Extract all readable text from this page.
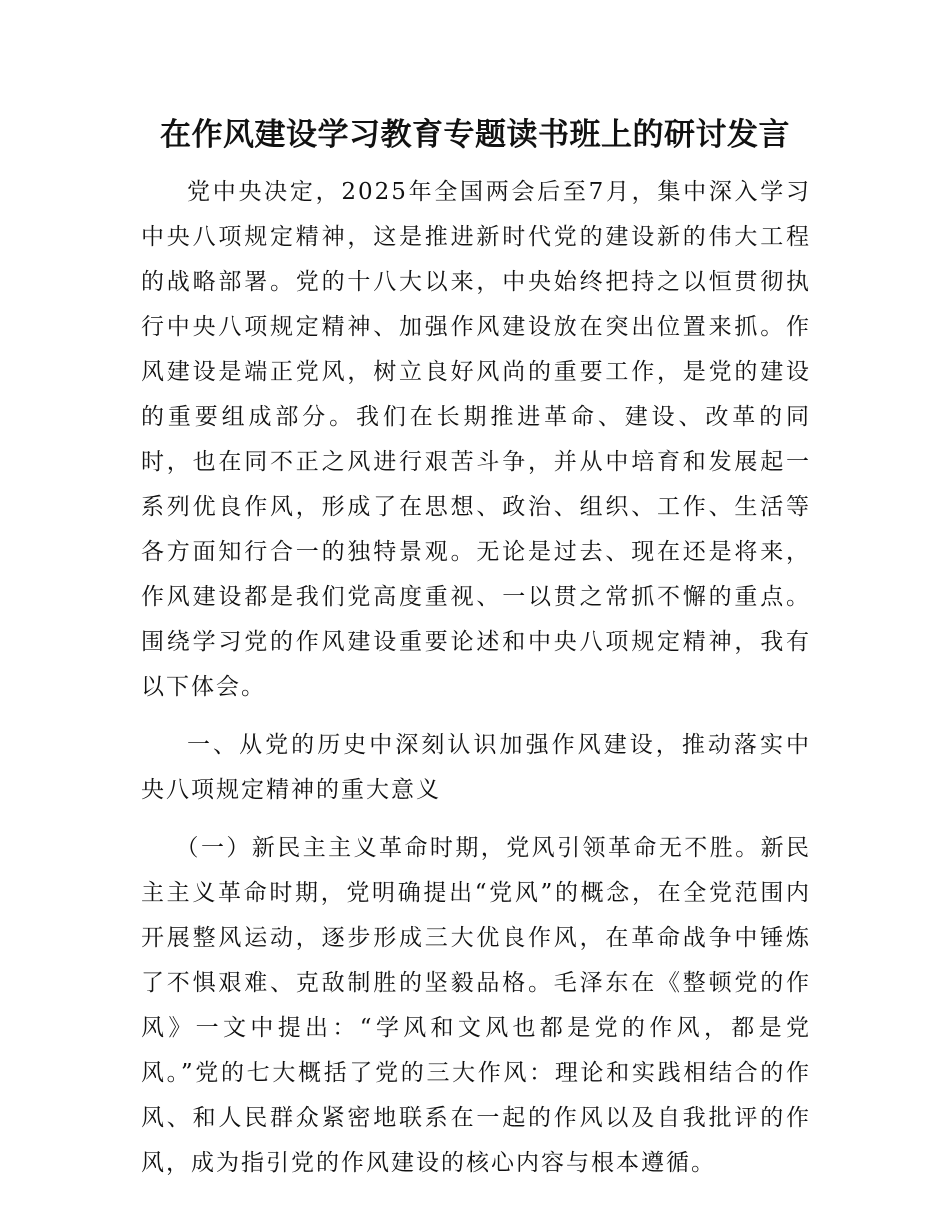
在作风建设学习教育专题读书班上的研讨发言

党中央决定，2025年全国两会后至7月，集中深入学习中央八项规定精神，这是推进新时代党的建设新的伟大工程的战略部署。党的十八大以来，中央始终把持之以恒贯彻执行中央八项规定精神、加强作风建设放在突出位置来抓。作风建设是端正党风，树立良好风尚的重要工作，是党的建设的重要组成部分。我们在长期推进革命、建设、改革的同时，也在同不正之风进行艰苦斗争，并从中培育和发展起一系列优良作风，形成了在思想、政治、组织、工作、生活等各方面知行合一的独特景观。无论是过去、现在还是将来，作风建设都是我们党高度重视、一以贯之常抓不懈的重点。围绕学习党的作风建设重要论述和中央八项规定精神，我有以下体会。

一、从党的历史中深刻认识加强作风建设，推动落实中央八项规定精神的重大意义

（一）新民主主义革命时期，党风引领革命无不胜。新民主主义革命时期，党明确提出“党风”的概念，在全党范围内开展整风运动，逐步形成三大优良作风，在革命战争中锤炼了不惧艰难、克敌制胜的坚毅品格。毛泽东在《整顿党的作风》一文中提出：“学风和文风也都是党的作风，都是党风。”党的七大概括了党的三大作风：理论和实践相结合的作风、和人民群众紧密地联系在一起的作风以及自我批评的作风，成为指引党的作风建设的核心内容与根本遵循。
